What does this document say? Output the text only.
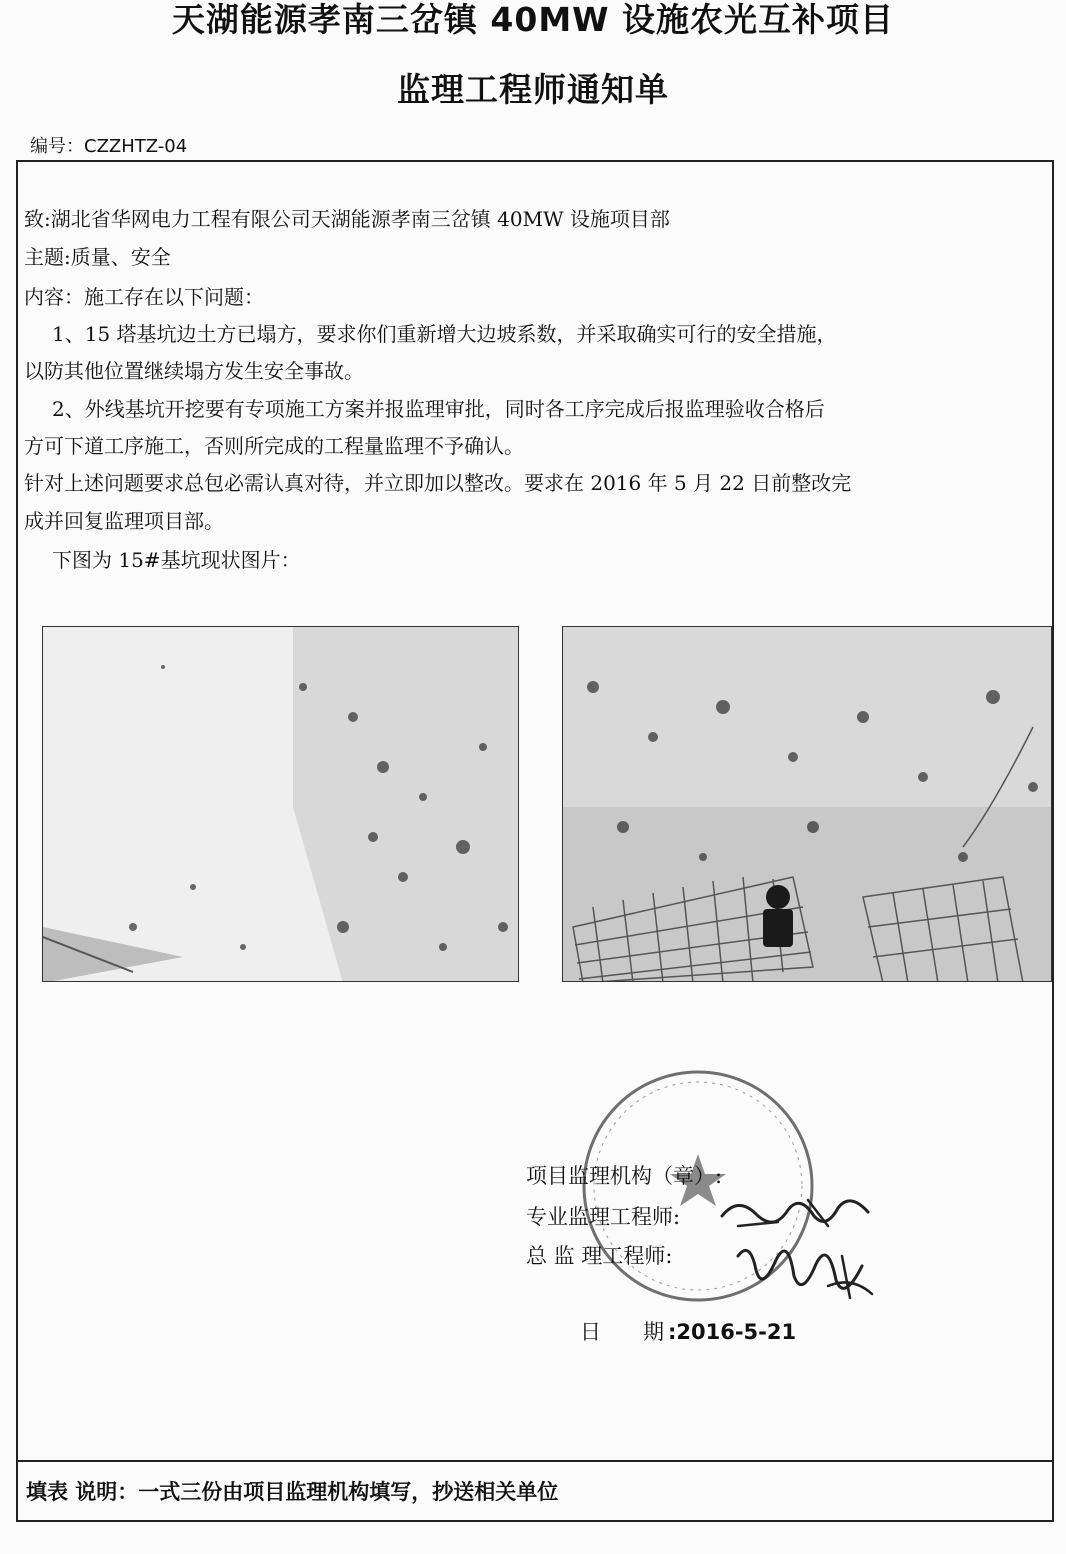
天湖能源孝南三岔镇 40MW 设施农光互补项目
监理工程师通知单
编号：CZZHTZ-04
致:湖北省华网电力工程有限公司天湖能源孝南三岔镇 40MW 设施项目部
主题:质量、安全
内容：施工存在以下问题：
1、15 塔基坑边土方已塌方，要求你们重新增大边坡系数，并采取确实可行的安全措施，
以防其他位置继续塌方发生安全事故。
2、外线基坑开挖要有专项施工方案并报监理审批，同时各工序完成后报监理验收合格后
方可下道工序施工，否则所完成的工程量监理不予确认。
针对上述问题要求总包必需认真对待，并立即加以整改。要求在 2016 年 5 月 22 日前整改完
成并回复监理项目部。
下图为 15#基坑现状图片：
项目监理机构（章）:
专业监理工程师:
总 监 理工程师:
日　　期 :2016-5-21
填表 说明：一式三份由项目监理机构填写，抄送相关单位
